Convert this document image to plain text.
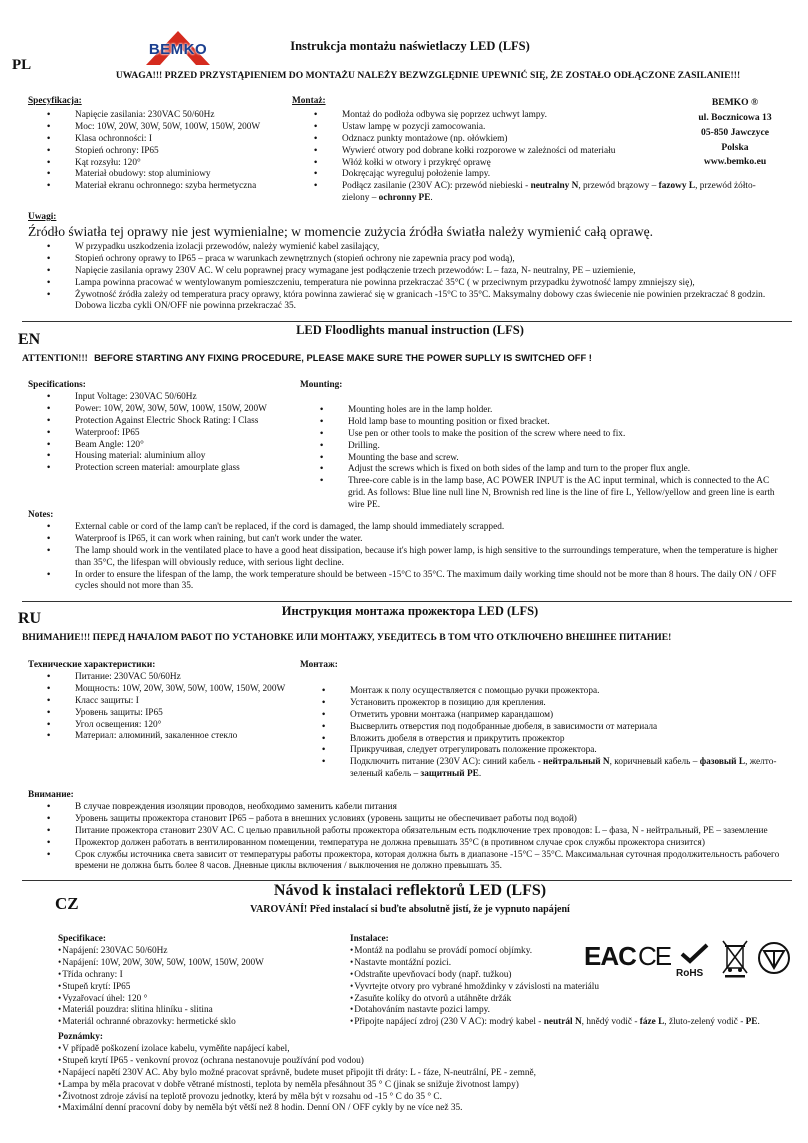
BEMKO
PL
Instrukcja montażu naświetlaczy LED (LFS)
UWAGA!!! PRZED PRZYSTĄPIENIEM DO MONTAŻU NALEŻY BEZWZGLĘDNIE UPEWNIĆ SIĘ, ŻE ZOSTAŁO ODŁĄCZONE ZASILANIE!!!
Specyfikacja:
• Napięcie zasilania: 230VAC 50/60Hz
• Moc: 10W, 20W, 30W, 50W, 100W, 150W, 200W
• Klasa ochronności: I
• Stopień ochrony: IP65
• Kąt rozsyłu: 120°
• Materiał obudowy: stop aluminiowy
• Materiał ekranu ochronnego: szyba hermetyczna
Montaż:
• Montaż do podłoża odbywa się poprzez uchwyt lampy.
• Ustaw lampę w pozycji zamocowania.
• Odznacz punkty montażowe (np. ołówkiem)
• Wywierć otwory pod dobrane kołki rozporowe w zależności od materiału
• Włóż kołki w otwory i przykręć oprawę
• Dokręcając wyreguluj położenie lampy.
• Podłącz zasilanie (230V AC): przewód niebieski - neutralny N, przewód brązowy – fazowy L, przewód żółto-zielony – ochronny PE.
BEMKO ®
ul. Bocznicowa 13
05-850 Jawczyce
Polska
www.bemko.eu
Uwagi:
Źródło światła tej oprawy nie jest wymienialne; w momencie zużycia źródła światła należy wymienić całą oprawę.
• W przypadku uszkodzenia izolacji przewodów, należy wymienić kabel zasilający,
• Stopień ochrony oprawy to IP65 – praca w warunkach zewnętrznych (stopień ochrony nie zapewnia pracy pod wodą),
• Napięcie zasilania oprawy 230V AC. W celu poprawnej pracy wymagane jest podłączenie trzech przewodów: L – faza, N- neutralny, PE – uziemienie,
• Lampa powinna pracować w wentylowanym pomieszczeniu, temperatura nie powinna przekraczać 35°C ( w przeciwnym przypadku żywotność lampy zmniejszy się),
• Żywotność źródła zależy od temperatura pracy oprawy, która powinna zawierać się w granicach -15°C to 35°C. Maksymalny dobowy czas świecenie nie powinien przekraczać 8 godzin. Dobowa liczba cykli ON/OFF nie powinna przekraczać 35.
EN
LED Floodlights manual instruction (LFS)
ATTENTION!!! BEFORE STARTING ANY FIXING PROCEDURE, PLEASE MAKE SURE THE POWER SUPLLY IS SWITCHED OFF !
Specifications:
• Input Voltage: 230VAC 50/60Hz
• Power: 10W, 20W, 30W, 50W, 100W, 150W, 200W
• Protection Against Electric Shock Rating: I Class
• Waterproof: IP65
• Beam Angle: 120°
• Housing material: aluminium alloy
• Protection screen material: amourplate glass
Mounting:
• Mounting holes are in the lamp holder.
• Hold lamp base to mounting position or fixed bracket.
• Use pen or other tools to make the position of the screw where need to fix.
• Drilling.
• Mounting the base and screw.
• Adjust the screws which is fixed on both sides of the lamp and turn to the proper flux angle.
• Three-core cable is in the lamp base, AC POWER INPUT is the AC input terminal, which is connected to the AC grid. As follows: Blue line null line N, Brownish red line is the line of fire L, Yellow/yellow and green line is earth wire PE.
Notes:
• External cable or cord of the lamp can't be replaced, if the cord is damaged, the lamp should immediately scrapped.
• Waterproof is IP65, it can work when raining, but can't work under the water.
• The lamp should work in the ventilated place to have a good heat dissipation, because it's high power lamp, is high sensitive to the surroundings temperature, when the temperature is higher than 35°C, the lifespan will obviously reduce, with serious light decline.
• In order to ensure the lifespan of the lamp, the work temperature should be between -15°C to 35°C. The maximum daily working time should not be more than 8 hours. The daily ON / OFF cycles should not more than 35.
RU	Инструкция монтажа прожектора LED (LFS)
ВНИМАНИЕ!!! ПЕРЕД НАЧАЛОМ РАБОТ ПО УСТАНОВКЕ ИЛИ МОНТАЖУ, УБЕДИТЕСЬ В ТОМ ЧТО ОТКЛЮЧЕНО ВНЕШНЕЕ ПИТАНИЕ!
Технические характеристики:
• Питание: 230VAC 50/60Hz
• Мощность: 10W, 20W, 30W, 50W, 100W, 150W, 200W
• Класс защиты: I
• Уровень защиты: IP65
• Угол освещения: 120°
• Материал: алюминий, закаленное стекло
Монтаж:
• Монтаж к полу осуществляется с помощью ручки прожектора.
• Установить прожектор в позицию для крепления.
• Отметить уровни монтажа (например карандашом)
• Высверлить отверстия под подобранные дюбеля, в зависимости от материала
• Вложить дюбеля в отверстия и прикрутить прожектор
• Прикручивая, следует отрегулировать положение прожектора.
• Подключить питание (230V AC): синий кабель - нейтральный N, коричневый кабель – фазовый L, желто-зеленый кабель – защитный PE.
Внимание:
• В случае повреждения изоляции проводов, необходимо заменить кабели питания
• Уровень защиты прожектора становит IP65 – работа в внешних условиях (уровень защиты не обеспечивает работы под водой)
• Питание прожектора становит 230V AC. С целью правильной работы прожектора обязательным есть подключение трех проводов: L – фаза, N - нейтральный, PE – заземление
• Прожектор должен работать в вентилированном помещении, температура не должна превышать 35°C (в противном случае срок службы прожектора снизится)
• Срок службы источника света зависит от температуры работы прожектора, которая должна быть в диапазоне -15°C – 35°C. Максимальная суточная продолжительность рабочего времени не должна быть более 8 часов. Дневные циклы включения / выключения не должно превышать 35.
CZ
Návod k instalaci reflektorů LED (LFS)
VAROVÁNÍ! Před instalací si buďte absolutně jistí, že je vypnuto napájení
Specifikace:
• Napájení: 230VAC 50/60Hz
• Napájení: 10W, 20W, 30W, 50W, 100W, 150W, 200W
• Třída ochrany: I
• Stupeň krytí: IP65
• Vyzařovací úhel: 120 °
• Materiál pouzdra: slitina hliníku - slitina
• Materiál ochranné obrazovky: hermetické sklo
Instalace:
• Montáž na podlahu se provádí pomocí objímky.
• Nastavte montážní pozici.
• Odstraňte upevňovací body (např. tužkou)
• Vyvrtejte otvory pro vybrané hmoždinky v závislosti na materiálu
• Zasuňte kolíky do otvorů a utáhněte držák
• Dotahováním nastavte pozici lampy.
• Připojte napájecí zdroj (230 V AC): modrý kabel - neutrál N, hnědý vodič - fáze L, žluto-zelený vodič - PE.
EAC CE
RoHS
Poznámky:
• V případě poškození izolace kabelu, vyměňte napájecí kabel,
• Stupeň krytí IP65 - venkovní provoz (ochrana nestanovuje používání pod vodou)
• Napájecí napětí 230V AC. Aby bylo možné pracovat správně, budete muset připojit tři dráty: L - fáze, N-neutrální, PE - zemně,
• Lampa by měla pracovat v dobře větrané místnosti, teplota by neměla přesáhnout 35 ° C (jinak se snižuje životnost lampy)
• Životnost zdroje závisí na teplotě provozu jednotky, která by měla být v rozsahu od -15 ° C do 35 ° C.
• Maximální denní pracovní doby by neměla být větší než 8 hodin. Denní ON / OFF cykly by ne více než 35.
